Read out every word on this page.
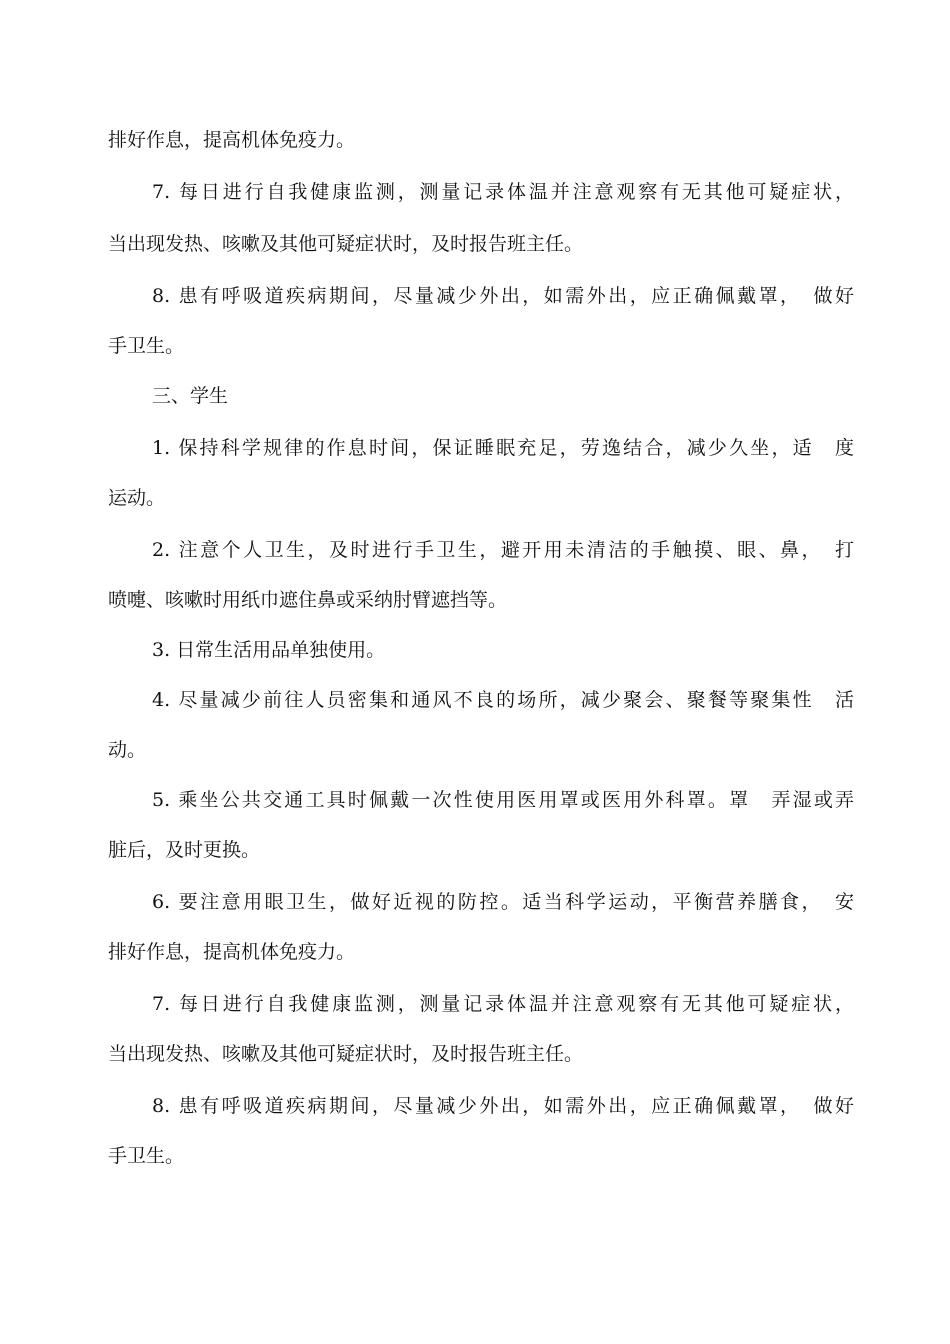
排好作息，提高机体免疫力。
7. 每日进行自我健康监测，测量记录体温并注意观察有无其他可疑症状，
当出现发热、咳嗽及其他可疑症状时，及时报告班主任。
8. 患有呼吸道疾病期间，尽量减少外出，如需外出，应正确佩戴罩，　做好
手卫生。
三、学生
1. 保持科学规律的作息时间，保证睡眠充足，劳逸结合，减少久坐，适　度
运动。
2. 注意个人卫生，及时进行手卫生，避开用未清洁的手触摸、眼、鼻，　打
喷嚏、咳嗽时用纸巾遮住鼻或采纳肘臂遮挡等。
3. 日常生活用品单独使用。
4. 尽量减少前往人员密集和通风不良的场所，减少聚会、聚餐等聚集性　活
动。
5. 乘坐公共交通工具时佩戴一次性使用医用罩或医用外科罩。罩　弄湿或弄
脏后，及时更换。
6. 要注意用眼卫生，做好近视的防控。适当科学运动，平衡营养膳食，　安
排好作息，提高机体免疫力。
7. 每日进行自我健康监测，测量记录体温并注意观察有无其他可疑症状，
当出现发热、咳嗽及其他可疑症状时，及时报告班主任。
8. 患有呼吸道疾病期间，尽量减少外出，如需外出，应正确佩戴罩，　做好
手卫生。
